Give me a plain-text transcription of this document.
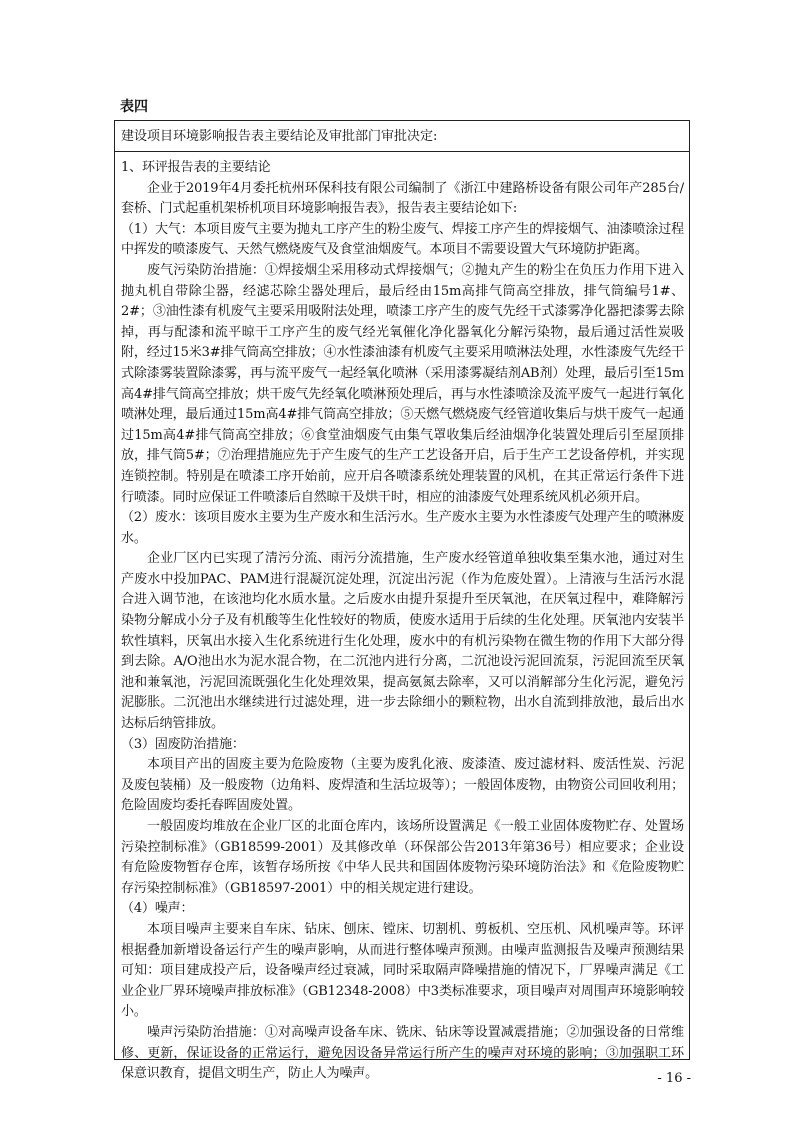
表四
建设项目环境影响报告表主要结论及审批部门审批决定:

1、环评报告表的主要结论

企业于2019年4月委托杭州环保科技有限公司编制了《浙江中建路桥设备有限公司年产285台/套桥、门式起重机架桥机项目环境影响报告表》，报告表主要结论如下:

（1）大气：本项目废气主要为抛丸工序产生的粉尘废气、焊接工序产生的焊接烟气、油漆喷涂过程中挥发的喷漆废气、天然气燃烧废气及食堂油烟废气。本项目不需要设置大气环境防护距离。

废气污染防治措施：①焊接烟尘采用移动式焊接烟气；②抛丸产生的粉尘在负压力作用下进入抛丸机自带除尘器，经滤芯除尘器处理后，最后经由15m高排气筒高空排放，排气筒编号1#、2#；③油性漆有机废气主要采用吸附法处理，喷漆工序产生的废气先经干式漆雾净化器把漆雾去除掉，再与配漆和流平晾干工序产生的废气经光氧催化净化器氧化分解污染物，最后通过活性炭吸附，经过15米3#排气筒高空排放；④水性漆油漆有机废气主要采用喷淋法处理，水性漆废气先经干式除漆雾装置除漆雾，再与流平废气一起经氧化喷淋（采用漆雾凝结剂AB剂）处理，最后引至15m高4#排气筒高空排放；烘干废气先经氧化喷淋预处理后，再与水性漆喷涂及流平废气一起进行氧化喷淋处理，最后通过15m高4#排气筒高空排放；⑤天燃气燃烧废气经管道收集后与烘干废气一起通过15m高4#排气筒高空排放；⑥食堂油烟废气由集气罩收集后经油烟净化装置处理后引至屋顶排放，排气筒5#；⑦治理措施应先于产生废气的生产工艺设备开启，后于生产工艺设备停机，并实现连锁控制。特别是在喷漆工序开始前，应开启各喷漆系统处理装置的风机，在其正常运行条件下进行喷漆。同时应保证工件喷漆后自然晾干及烘干时，相应的油漆废气处理系统风机必须开启。

（2）废水：该项目废水主要为生产废水和生活污水。生产废水主要为水性漆废气处理产生的喷淋废水。

企业厂区内已实现了清污分流、雨污分流措施，生产废水经管道单独收集至集水池，通过对生产废水中投加PAC、PAM进行混凝沉淀处理，沉淀出污泥（作为危废处置）。上清液与生活污水混合进入调节池，在该池均化水质水量。之后废水由提升泵提升至厌氧池，在厌氧过程中，难降解污染物分解成小分子及有机酸等生化性较好的物质，使废水适用于后续的生化处理。厌氧池内安装半软性填料，厌氧出水接入生化系统进行生化处理，废水中的有机污染物在微生物的作用下大部分得到去除。A/O池出水为泥水混合物，在二沉池内进行分离，二沉池设污泥回流泵，污泥回流至厌氧池和兼氧池，污泥回流既强化生化处理效果，提高氨氮去除率，又可以消解部分生化污泥，避免污泥膨胀。二沉池出水继续进行过滤处理，进一步去除细小的颗粒物，出水自流到排放池，最后出水达标后纳管排放。

（3）固废防治措施：

本项目产出的固废主要为危险废物（主要为废乳化液、废漆渣、废过滤材料、废活性炭、污泥及废包装桶）及一般废物（边角料、废焊渣和生活垃圾等）；一般固体废物，由物资公司回收利用；危险固废均委托春晖固废处置。

一般固废均堆放在企业厂区的北面仓库内，该场所设置满足《一般工业固体废物贮存、处置场污染控制标准》（GB18599-2001）及其修改单（环保部公告2013年第36号）相应要求；企业设有危险废物暂存仓库，该暂存场所按《中华人民共和国固体废物污染环境防治法》和《危险废物贮存污染控制标准》（GB18597-2001）中的相关规定进行建设。

（4）噪声：

本项目噪声主要来自车床、钻床、刨床、镗床、切割机、剪板机、空压机、风机噪声等。环评根据叠加新增设备运行产生的噪声影响，从而进行整体噪声预测。由噪声监测报告及噪声预测结果可知：项目建成投产后，设备噪声经过衰减，同时采取隔声降噪措施的情况下，厂界噪声满足《工业企业厂界环境噪声排放标准》（GB12348-2008）中3类标准要求，项目噪声对周围声环境影响较小。

噪声污染防治措施：①对高噪声设备车床、铣床、钻床等设置减震措施；②加强设备的日常维修、更新，保证设备的正常运行，避免因设备异常运行所产生的噪声对环境的影响；③加强职工环保意识教育，提倡文明生产，防止人为噪声。	- 16 -
